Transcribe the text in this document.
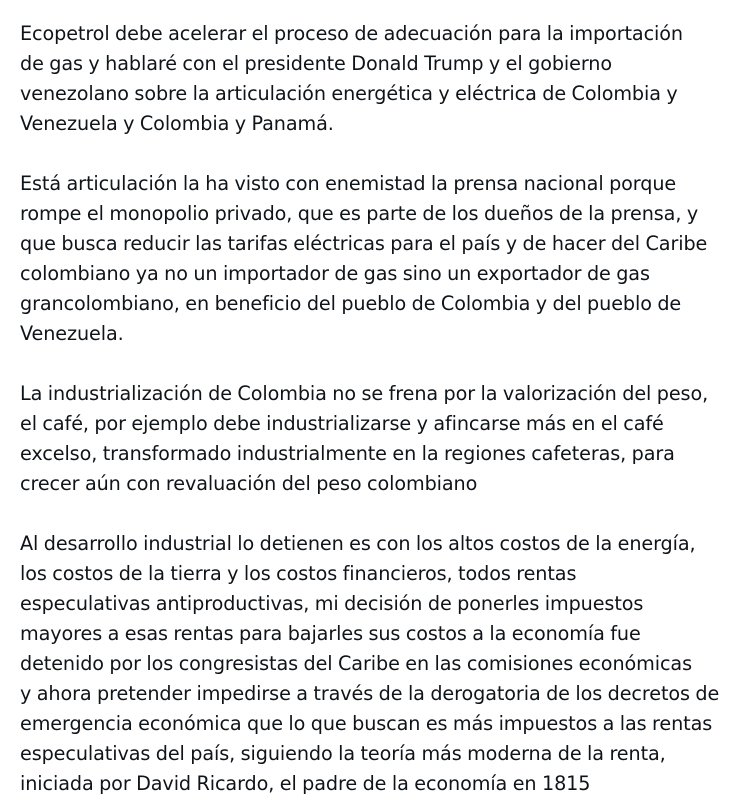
Ecopetrol debe acelerar el proceso de adecuación para la importación
de gas y hablaré con el presidente Donald Trump y el gobierno
venezolano sobre la articulación energética y eléctrica de Colombia y
Venezuela y Colombia y Panamá.
Está articulación la ha visto con enemistad la prensa nacional porque
rompe el monopolio privado, que es parte de los dueños de la prensa, y
que busca reducir las tarifas eléctricas para el país y de hacer del Caribe
colombiano ya no un importador de gas sino un exportador de gas
grancolombiano, en beneficio del pueblo de Colombia y del pueblo de
Venezuela.
La industrialización de Colombia no se frena por la valorización del peso,
el café, por ejemplo debe industrializarse y afincarse más en el café
excelso, transformado industrialmente en la regiones cafeteras, para
crecer aún con revaluación del peso colombiano
Al desarrollo industrial lo detienen es con los altos costos de la energía,
los costos de la tierra y los costos financieros, todos rentas
especulativas antiproductivas, mi decisión de ponerles impuestos
mayores a esas rentas para bajarles sus costos a la economía fue
detenido por los congresistas del Caribe en las comisiones económicas
y ahora pretender impedirse a través de la derogatoria de los decretos de
emergencia económica que lo que buscan es más impuestos a las rentas
especulativas del país, siguiendo la teoría más moderna de la renta,
iniciada por David Ricardo, el padre de la economía en 1815
